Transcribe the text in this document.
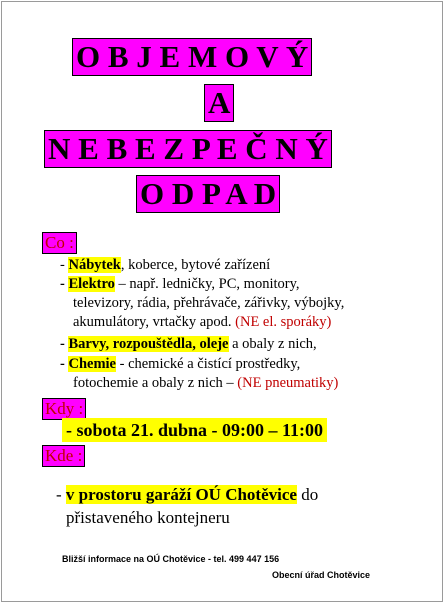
O B J E M O V Ý
A
N E B E Z P E Č N Ý
O D P A D
Co :
- Nábytek, koberce, bytové zařízení
- Elektro – např. ledničky, PC, monitory,
televizory, rádia, přehrávače, zářivky, výbojky,
akumulátory, vrtačky apod. (NE el. sporáky)
- Barvy, rozpouštědla, oleje a obaly z nich,
- Chemie - chemické a čistící prostředky,
fotochemie a obaly z nich – (NE pneumatiky)
Kdy :
- sobota 21. dubna - 09:00 – 11:00
Kde :
- v prostoru garáží OÚ Chotěvice do
přistaveného kontejneru
Bližší informace na OÚ Chotěvice - tel. 499 447 156
Obecní úřad Chotěvice
